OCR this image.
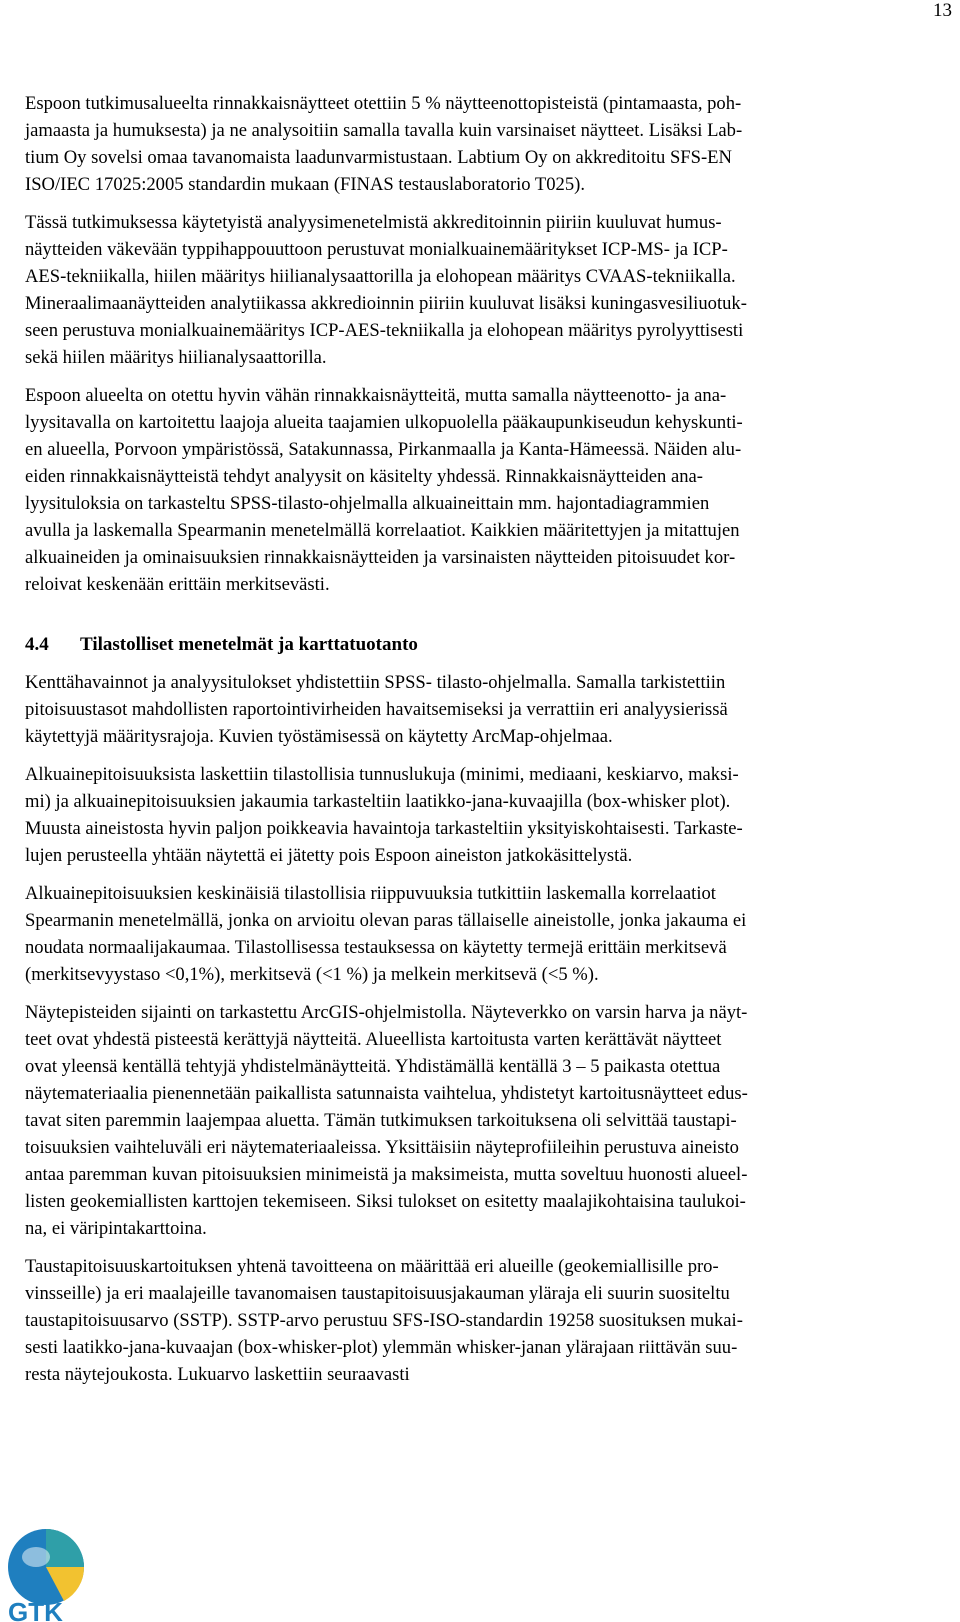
13

Espoon tutkimusalueelta rinnakkaisnäytteet otettiin 5 % näytteenottopisteistä (pintamaasta, poh-
jamaasta ja humuksesta) ja ne analysoitiin samalla tavalla kuin varsinaiset näytteet. Lisäksi Lab-
tium Oy sovelsi omaa tavanomaista laadunvarmistustaan. Labtium Oy on akkreditoitu SFS-EN
ISO/IEC 17025:2005 standardin mukaan (FINAS testauslaboratorio T025).

Tässä tutkimuksessa käytetyistä analyysimenetelmistä akkreditoinnin piiriin kuuluvat humus-
näytteiden väkevään typpihappouuttoon perustuvat monialkuainemääritykset ICP-MS- ja ICP-
AES-tekniikalla, hiilen määritys hiilianalysaattorilla ja elohopean määritys CVAAS-tekniikalla.
Mineraalimaanäytteiden analytiikassa akkredioinnin piiriin kuuluvat lisäksi kuningasvesiliuotuk-
seen perustuva monialkuainemääritys ICP-AES-tekniikalla ja elohopean määritys pyrolyyttisesti
sekä hiilen määritys hiilianalysaattorilla.

Espoon alueelta on otettu hyvin vähän rinnakkaisnäytteitä, mutta samalla näytteenotto- ja ana-
lyysitavalla on kartoitettu laajoja alueita taajamien ulkopuolella pääkaupunkiseudun kehyskunti-
en alueella, Porvoon ympäristössä, Satakunnassa, Pirkanmaalla ja Kanta-Hämeessä. Näiden alu-
eiden rinnakkaisnäytteistä tehdyt analyysit on käsitelty yhdessä. Rinnakkaisnäytteiden ana-
lyysituloksia on tarkasteltu SPSS-tilasto-ohjelmalla alkuaineittain mm. hajontadiagrammien
avulla ja laskemalla Spearmanin menetelmällä korrelaatiot. Kaikkien määritettyjen ja mitattujen
alkuaineiden ja ominaisuuksien rinnakkaisnäytteiden ja varsinaisten näytteiden pitoisuudet kor-
reloivat keskenään erittäin merkitsevästi.

4.4	Tilastolliset menetelmät ja karttatuotanto

Kenttähavainnot ja analyysitulokset yhdistettiin SPSS- tilasto-ohjelmalla. Samalla tarkistettiin
pitoisuustasot mahdollisten raportointivirheiden havaitsemiseksi ja verrattiin eri analyysierissä
käytettyjä määritysrajoja. Kuvien työstämisessä on käytetty ArcMap-ohjelmaa.

Alkuainepitoisuuksista laskettiin tilastollisia tunnuslukuja (minimi, mediaani, keskiarvo, maksi-
mi) ja alkuainepitoisuuksien jakaumia tarkasteltiin laatikko-jana-kuvaajilla (box-whisker plot).
Muusta aineistosta hyvin paljon poikkeavia havaintoja tarkasteltiin yksityiskohtaisesti. Tarkaste-
lujen perusteella yhtään näytettä ei jätetty pois Espoon aineiston jatkokäsittelystä.

Alkuainepitoisuuksien keskinäisiä tilastollisia riippuvuuksia tutkittiin laskemalla korrelaatiot
Spearmanin menetelmällä, jonka on arvioitu olevan paras tällaiselle aineistolle, jonka jakauma ei
noudata normaalijakaumaa. Tilastollisessa testauksessa on käytetty termejä erittäin merkitsevä
(merkitsevyystaso <0,1%), merkitsevä (<1 %) ja melkein merkitsevä (<5 %).

Näytepisteiden sijainti on tarkastettu ArcGIS-ohjelmistolla. Näyteverkko on varsin harva ja näyt-
teet ovat yhdestä pisteestä kerättyjä näytteitä. Alueellista kartoitusta varten kerättävät näytteet
ovat yleensä kentällä tehtyjä yhdistelmänäytteitä. Yhdistämällä kentällä 3 – 5 paikasta otettua
näytemateriaalia pienennetään paikallista satunnaista vaihtelua, yhdistetyt kartoitusnäytteet edus-
tavat siten paremmin laajempaa aluetta. Tämän tutkimuksen tarkoituksena oli selvittää taustapi-
toisuuksien vaihteluväli eri näytemateriaaleissa. Yksittäisiin näyteprofiileihin perustuva aineisto
antaa paremman kuvan pitoisuuksien minimeistä ja maksimeista, mutta soveltuu huonosti alueel-
listen geokemiallisten karttojen tekemiseen. Siksi tulokset on esitetty maalajikohtaisina taulukoi-
na, ei väripintakarttoina.

Taustapitoisuuskartoituksen yhtenä tavoitteena on määrittää eri alueille (geokemiallisille pro-
vinsseille) ja eri maalajeille tavanomaisen taustapitoisuusjakauman yläraja eli suurin suositeltu
taustapitoisuusarvo (SSTP). SSTP-arvo perustuu SFS-ISO-standardin 19258 suosituksen mukai-
sesti laatikko-jana-kuvaajan (box-whisker-plot) ylemmän whisker-janan ylärajaan riittävän suu-
resta näytejoukosta. Lukuarvo laskettiin seuraavasti

GTK
